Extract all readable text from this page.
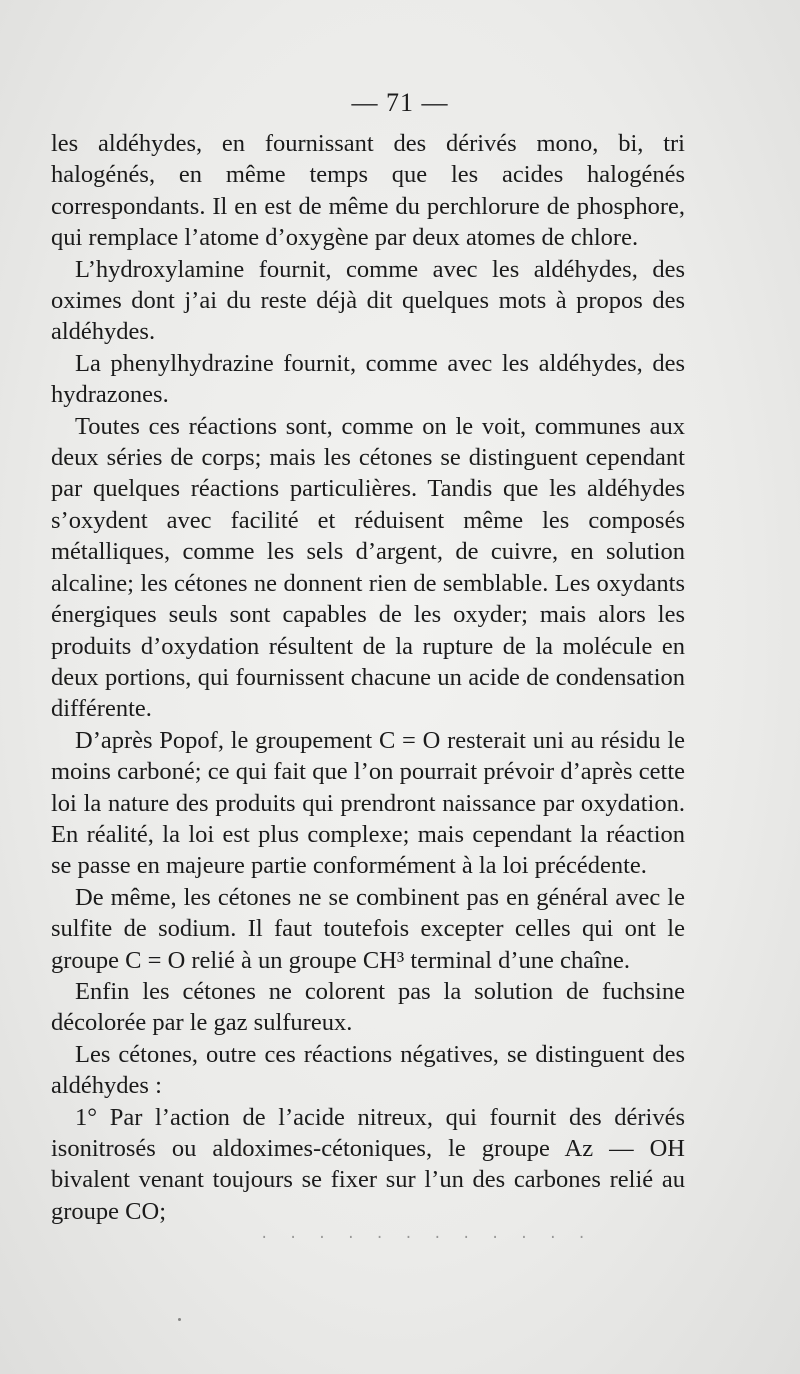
— 71 —

les aldéhydes, en fournissant des dérivés mono, bi, tri halogénés, en même temps que les acides halogénés correspondants. Il en est de même du perchlorure de phosphore, qui remplace l’atome d’oxygène par deux atomes de chlore.

L’hydroxylamine fournit, comme avec les aldéhydes, des oximes dont j’ai du reste déjà dit quelques mots à propos des aldéhydes.

La phenylhydrazine fournit, comme avec les aldéhydes, des hydrazones.

Toutes ces réactions sont, comme on le voit, communes aux deux séries de corps; mais les cétones se distinguent cependant par quelques réactions particulières. Tandis que les aldéhydes s’oxydent avec facilité et réduisent même les composés métalliques, comme les sels d’argent, de cuivre, en solution alcaline; les cétones ne donnent rien de semblable. Les oxydants énergiques seuls sont capables de les oxyder; mais alors les produits d’oxydation résultent de la rupture de la molécule en deux portions, qui fournissent chacune un acide de condensation différente.

D’après Popof, le groupement C = O resterait uni au résidu le moins carboné; ce qui fait que l’on pourrait prévoir d’après cette loi la nature des produits qui prendront naissance par oxydation. En réalité, la loi est plus complexe; mais cependant la réaction se passe en majeure partie conformément à la loi précédente.

De même, les cétones ne se combinent pas en général avec le sulfite de sodium. Il faut toutefois excepter celles qui ont le groupe C = O relié à un groupe CH³ terminal d’une chaîne.

Enfin les cétones ne colorent pas la solution de fuchsine décolorée par le gaz sulfureux.

Les cétones, outre ces réactions négatives, se distinguent des aldéhydes :

1° Par l’action de l’acide nitreux, qui fournit des dérivés isonitrosés ou aldoximes-cétoniques, le groupe Az — OH bivalent venant toujours se fixer sur l’un des carbones relié au groupe CO;

. . . . . . . . . . . .
